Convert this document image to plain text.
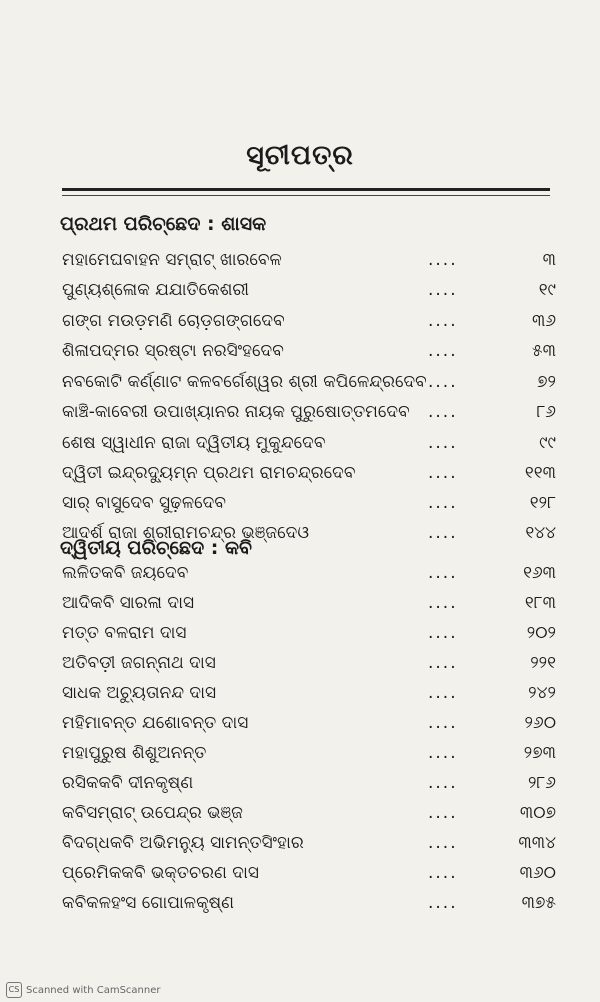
ସୂଚୀପତ୍ର
ପ୍ରଥମ ପରିଚ୍ଛେଦ : ଶାସକ
ମହାମେଘବାହନ ସମ୍ରାଟ୍ ଖାରବେଳ	....	୩
ପୁଣ୍ୟଶ୍ଳୋକ ଯଯାତିକେଶରୀ	....	୧୯
ଗଙ୍ଗ ମଉଡ଼ମଣି ଚୋଡ଼ଗଙ୍ଗଦେବ	....	୩୬
ଶିଳାପଦ୍ମର ସ୍ରଷ୍ଟା ନରସିଂହଦେବ	....	୫୩
ନବକୋଟି କର୍ଣ୍ଣାଟ କଳବର୍ଗେଶ୍ୱର ଶ୍ରୀ କପିଳେନ୍ଦ୍ରଦେବ ....	୭୨
କାଞ୍ଚି-କାବେରୀ ଉପାଖ୍ୟାନର ନାୟକ ପୁରୁଷୋତ୍ତମଦେବ ....	୮୬
ଶେଷ ସ୍ୱାଧୀନ ରାଜା ଦ୍ୱିତୀୟ ମୁକୁନ୍ଦଦେବ	....	୯୯
ଦ୍ୱିତୀ ଇନ୍ଦ୍ରଦ୍ୟୁମ୍ନ ପ୍ରଥମ ରାମଚନ୍ଦ୍ରଦେବ	....	୧୧୩
ସାର୍ ବାସୁଦେବ ସୁଢ଼ଳଦେବ	....	୧୨୮
ଆଦର୍ଶ ରାଜା ଶ୍ରୀରାମଚନ୍ଦ୍ର ଭଞ୍ଜଦେଓ	....	୧୪୪
ଦ୍ୱିତୀୟ ପରିଚ୍ଛେଦ : କବି
ଲଳିତକବି ଜୟଦେବ	....	୧୬୩
ଆଦିକବି ସାରଳା ଦାସ	....	୧୮୩
ମତ୍ତ ବଳରାମ ଦାସ	....	୨୦୨
ଅତିବଡ଼ୀ ଜଗନ୍ନାଥ ଦାସ	....	୨୨୧
ସାଧକ ଅଚ୍ୟୁତାନନ୍ଦ ଦାସ	....	୨୪୨
ମହିମାବନ୍ତ ଯଶୋବନ୍ତ ଦାସ	....	୨୬୦
ମହାପୁରୁଷ ଶିଶୁଅନନ୍ତ	....	୨୭୩
ରସିକକବି ଦୀନକୃଷ୍ଣ	....	୨୮୬
କବିସମ୍ରାଟ୍ ଉପେନ୍ଦ୍ର ଭଞ୍ଜ	....	୩୦୭
ବିଦଗ୍ଧକବି ଅଭିମନ୍ୟୁ ସାମନ୍ତସିଂହାର	....	୩୩୪
ପ୍ରେମିକକବି ଭକ୍ତଚରଣ ଦାସ	....	୩୬୦
କବିକଳହଂସ ଗୋପାଳକୃଷ୍ଣ	....	୩୭୫
CS Scanned with CamScanner
